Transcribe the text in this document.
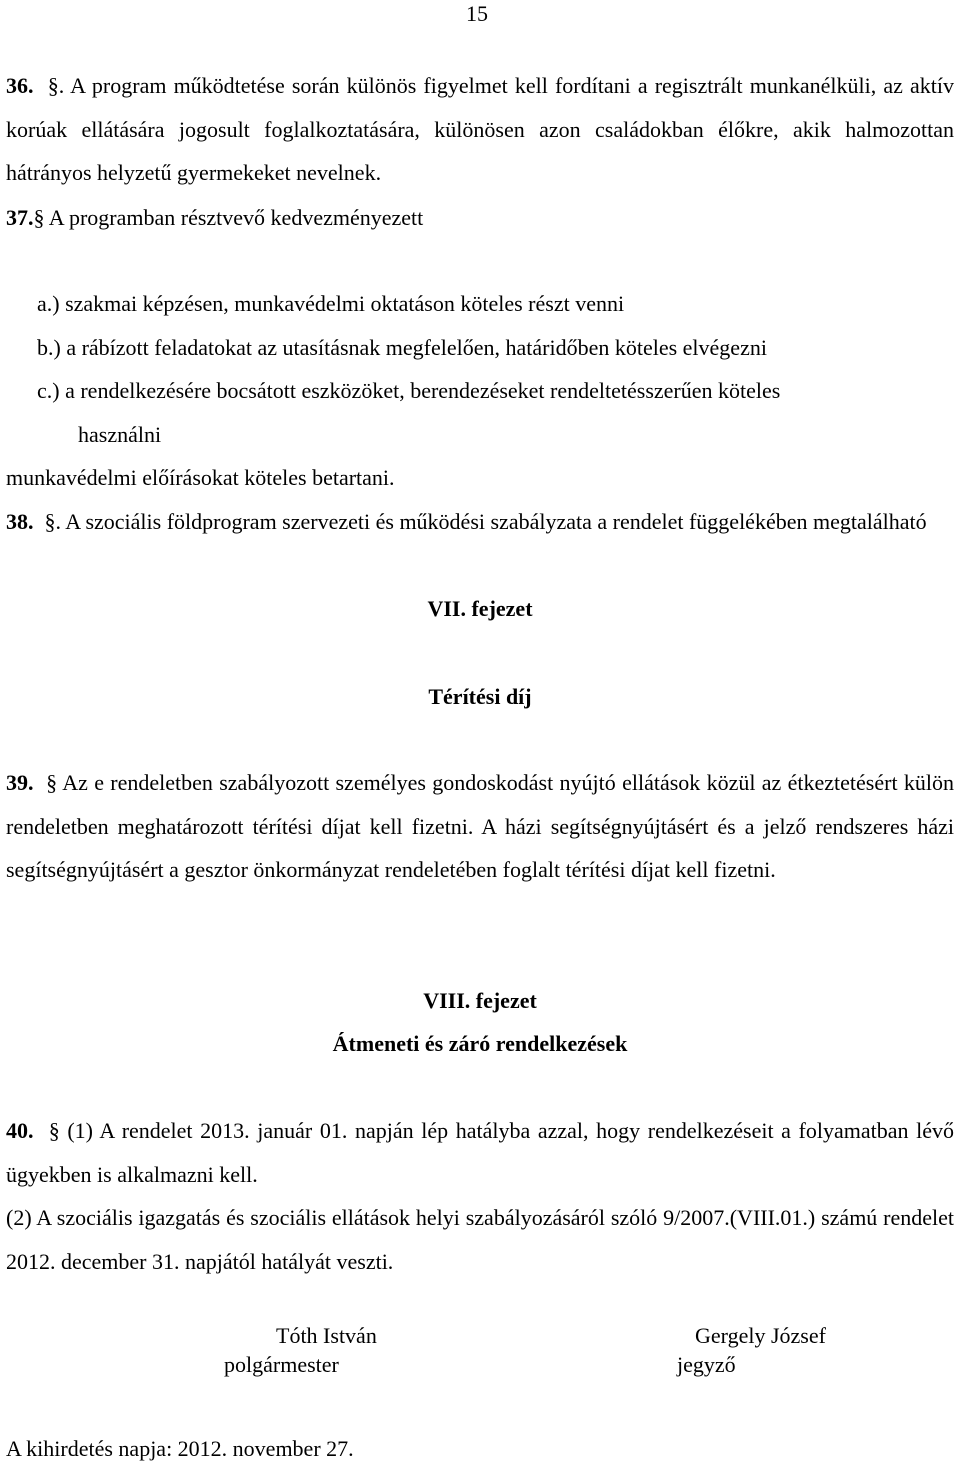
15
36. §. A program működtetése során különös figyelmet kell fordítani a regisztrált munkanélküli, az aktív korúak ellátására jogosult foglalkoztatására, különösen azon családokban élőkre, akik halmozottan hátrányos helyzetű gyermekeket nevelnek.
37.§ A programban résztvevő kedvezményezett
a.) szakmai képzésen, munkavédelmi oktatáson köteles részt venni
b.) a rábízott feladatokat az utasításnak megfelelően, határidőben köteles elvégezni
c.) a rendelkezésére bocsátott eszközöket, berendezéseket rendeltetésszerűen köteles
használni
munkavédelmi előírásokat köteles betartani.
38. §. A szociális földprogram szervezeti és működési szabályzata a rendelet függelékében megtalálható
VII. fejezet
Térítési díj
39. § Az e rendeletben szabályozott személyes gondoskodást nyújtó ellátások közül az étkeztetésért külön rendeletben meghatározott térítési díjat kell fizetni. A házi segítségnyújtásért és a jelző rendszeres házi segítségnyújtásért a gesztor önkormányzat rendeletében foglalt térítési díjat kell fizetni.
VIII. fejezet
Átmeneti és záró rendelkezések
40. § (1) A rendelet 2013. január 01. napján lép hatályba azzal, hogy rendelkezéseit a folyamatban lévő ügyekben is alkalmazni kell.
(2) A szociális igazgatás és szociális ellátások helyi szabályozásáról szóló 9/2007.(VIII.01.) számú rendelet 2012. december 31. napjától hatályát veszti.
Tóth István
polgármester
Gergely József
jegyző
A kihirdetés napja: 2012. november 27.
